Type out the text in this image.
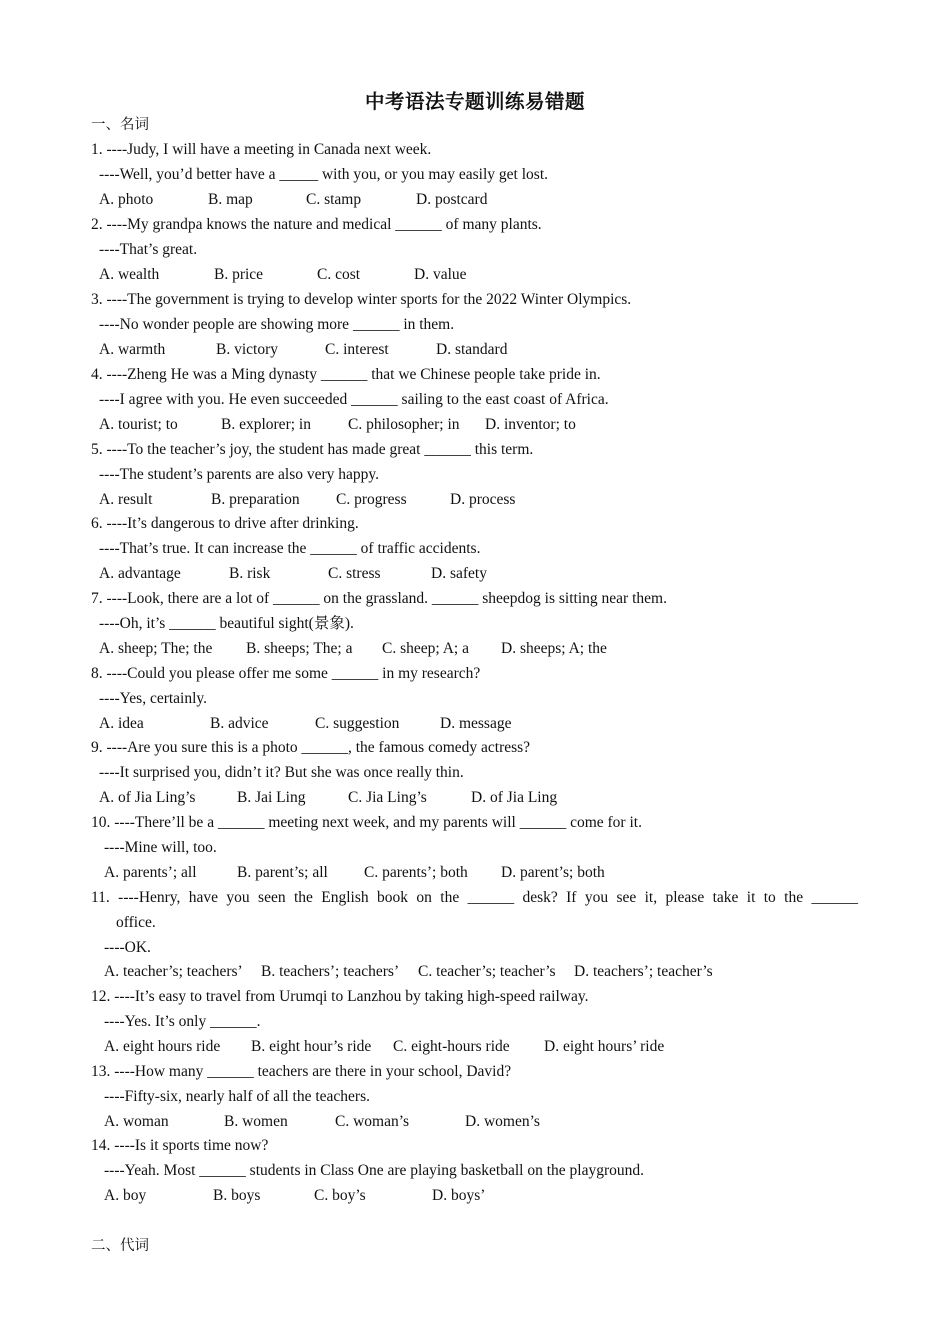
中考语法专题训练易错题
一、名词
1. ----Judy, I will have a meeting in Canada next week.
----Well, you’d better have a _____ with you, or you may easily get lost.
A. photo	B. map	C. stamp	D. postcard
2. ----My grandpa knows the nature and medical ______ of many plants.
----That’s great.
A. wealth	B. price	C. cost	D. value
3. ----The government is trying to develop winter sports for the 2022 Winter Olympics.
----No wonder people are showing more ______ in them.
A. warmth	B. victory	C. interest	D. standard
4. ----Zheng He was a Ming dynasty ______ that we Chinese people take pride in.
----I agree with you. He even succeeded ______ sailing to the east coast of Africa.
A. tourist; to	B. explorer; in C. philosopher; in D. inventor; to
5. ----To the teacher’s joy, the student has made great ______ this term.
----The student’s parents are also very happy.
A. result	B. preparation C. progress	D. process
6. ----It’s dangerous to drive after drinking.
----That’s true. It can increase the ______ of traffic accidents.
A. advantage	B. risk	C. stress	D. safety
7. ----Look, there are a lot of ______ on the grassland. ______ sheepdog is sitting near them.
----Oh, it’s ______ beautiful sight(景象).
A. sheep; The; the B. sheeps; The; a C. sheep; A; a D. sheeps; A; the
8. ----Could you please offer me some ______ in my research?
----Yes, certainly.
A. idea	B. advice	C. suggestion	D. message
9. ----Are you sure this is a photo ______, the famous comedy actress?
----It surprised you, didn’t it? But she was once really thin.
A. of Jia Ling’s	B. Jai Ling	C. Jia Ling’s	D. of Jia Ling
10. ----There’ll be a ______ meeting next week, and my parents will ______ come for it.
----Mine will, too.
A. parents’; all	B. parent’s; all C. parents’; both D. parent’s; both
11. ----Henry, have you seen the English book on the ______ desk? If you see it, please take it to the ______
office.
----OK.
A. teacher’s; teachers’ B. teachers’; teachers’ C. teacher’s; teacher’s D. teachers’; teacher’s
12. ----It’s easy to travel from Urumqi to Lanzhou by taking high-speed railway.
----Yes. It’s only ______.
A. eight hours ride B. eight hour’s ride C. eight-hours ride D. eight hours’ ride
13. ----How many ______ teachers are there in your school, David?
----Fifty-six, nearly half of all the teachers.
A. woman	B. women	C. woman’s	D. women’s
14. ----Is it sports time now?
----Yeah. Most ______ students in Class One are playing basketball on the playground.
A. boy	B. boys	C. boy’s	D. boys’
二、代词
